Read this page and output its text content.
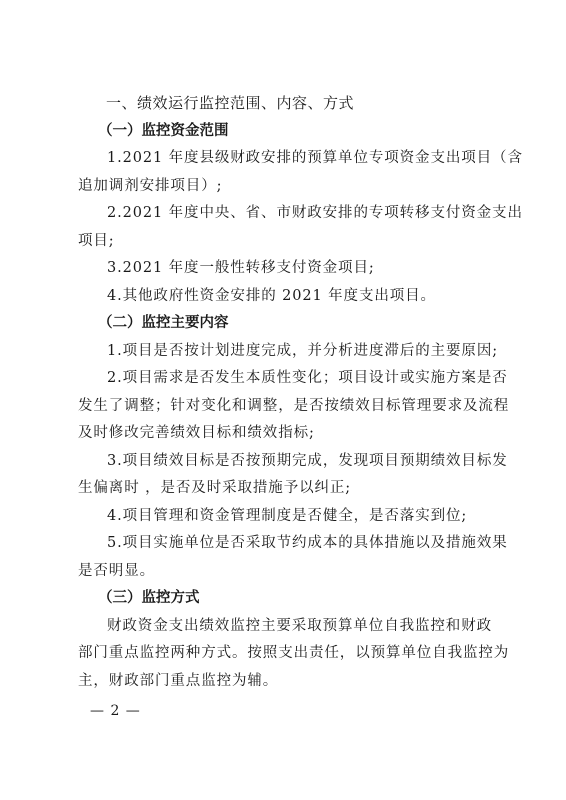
一、绩效运行监控范围、内容、方式

（一）监控资金范围

1.2021 年度县级财政安排的预算单位专项资金支出项目（含

追加调剂安排项目）;

2.2021 年度中央、省、市财政安排的专项转移支付资金支出

项目;

3.2021 年度一般性转移支付资金项目;

4.其他政府性资金安排的 2021 年度支出项目。

（二）监控主要内容

1.项目是否按计划进度完成，并分析进度滞后的主要原因;

2.项目需求是否发生本质性变化；项目设计或实施方案是否

发生了调整；针对变化和调整，是否按绩效目标管理要求及流程

及时修改完善绩效目标和绩效指标;

3.项目绩效目标是否按预期完成，发现项目预期绩效目标发

生偏离时 ，是否及时采取措施予以纠正;

4.项目管理和资金管理制度是否健全，是否落实到位;

5.项目实施单位是否采取节约成本的具体措施以及措施效果

是否明显。

（三）监控方式

财政资金支出绩效监控主要采取预算单位自我监控和财政

部门重点监控两种方式。按照支出责任，以预算单位自我监控为

主，财政部门重点监控为辅。

— 2 —
